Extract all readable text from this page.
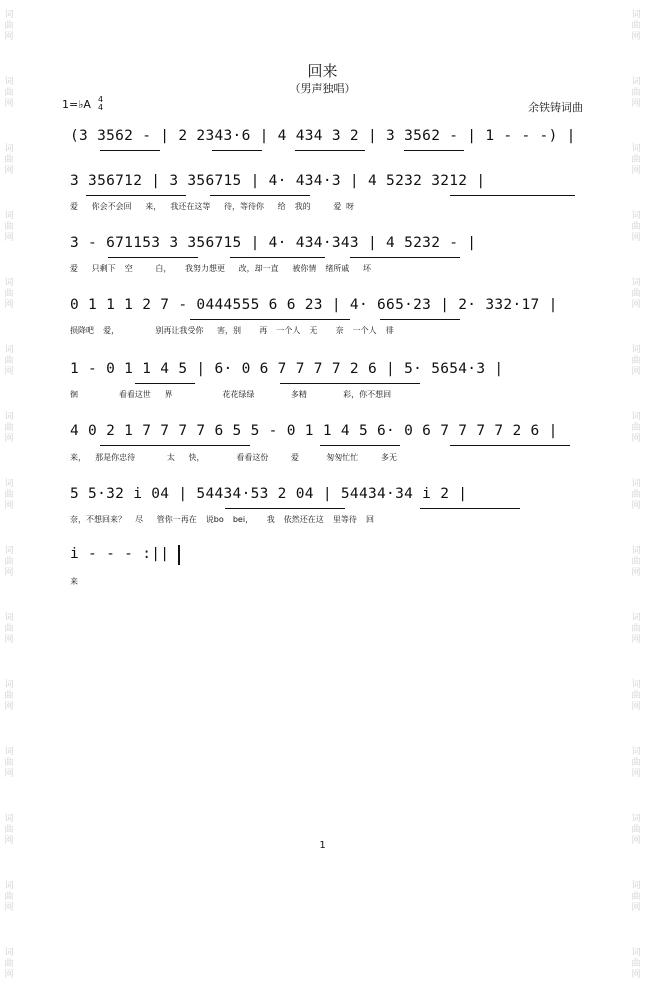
词
曲
网
词
曲
网
词
曲
网
词
曲
网
词
曲
网
词
曲
网
词
曲
网
词
曲
网
词
曲
网
词
曲
网
词
曲
网
词
曲
网
词
曲
网
词
曲
网
词
曲
网
词
曲
网
词
曲
网
词
曲
网
词
曲
网
词
曲
网
词
曲
网
词
曲
网
词
曲
网
词
曲
网
词
曲
网
词
曲
网
词
曲
网
词
曲
网
词
曲
网
词
曲
网
回来
（男声独唱）
1=♭A 4
4	余铁铸词曲
(3 3562 - | 2 2343·6 | 4 434 3 2 | 3 3562 - | 1 - - -) |
3 356712 | 3 356715 | 4· 434·3 | 4 5232 3212 |
爱   你会不会回   来，  我还在这等   待，等待你   给  我的     爱 呀
3 - 671153 3 356715 | 4· 434·343 | 4 5232 - |
爱   只剩下  空     白，   我努力想更   改，却一直   被你情  绪所戚   坏
0 1 1 1 2 7 - 0444555 6 6 23 | 4· 665·23 | 2· 332·17 |
损降吧  爱，        别再让我受你   害，别    再  一个人  无    奈  一个人  徘
1 - 0 1 1 4 5 | 6· 0 6 7 7 7 7 2 6 | 5· 5654·3 |
徊         看看这世   界           花花绿绿        多精        彩，你不想回
4 0 2 1 7 7 7 7 6 5 5 - 0 1 1 4 5 6· 0 6 7 7 7 7 2 6 |
来，  那是你忠待       太   快，       看看这份     爱      匆匆忙忙     多无
5 5·32 i 04 | 54434·53 2 04 | 54434·34 i 2 |
奈，不想回来？  尽   管你一再在  说bo  bei，   我  依然还在这  里等待  回
i - - - :||
来
1
